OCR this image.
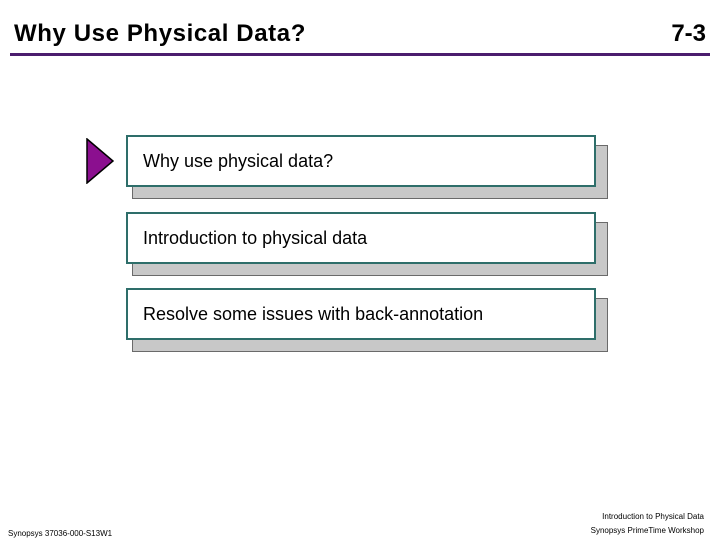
Why Use Physical Data?	7-3
Why use physical data?
Introduction to physical data
Resolve some issues with back-annotation
Synopsys 37036-000-S13W1
Introduction to Physical Data
Synopsys PrimeTime Workshop
